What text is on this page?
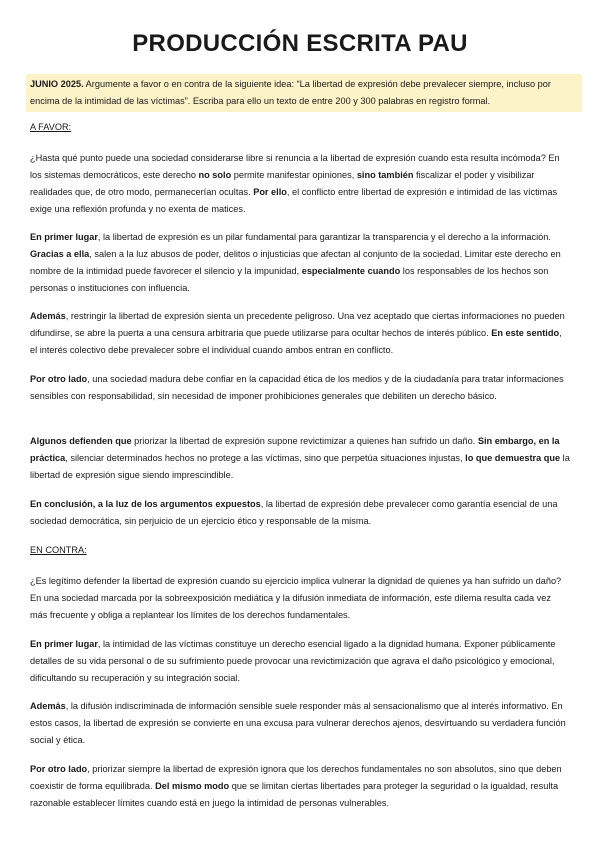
PRODUCCIÓN ESCRITA PAU
JUNIO 2025. Argumente a favor o en contra de la siguiente idea: “La libertad de expresión debe prevalecer siempre, incluso por encima de la intimidad de las víctimas”. Escriba para ello un texto de entre 200 y 300 palabras en registro formal.
A FAVOR:

¿Hasta qué punto puede una sociedad considerarse libre si renuncia a la libertad de expresión cuando esta resulta incómoda? En los sistemas democráticos, este derecho no solo permite manifestar opiniones, sino también fiscalizar el poder y visibilizar realidades que, de otro modo, permanecerían ocultas. Por ello, el conflicto entre libertad de expresión e intimidad de las víctimas exige una reflexión profunda y no exenta de matices.

En primer lugar, la libertad de expresión es un pilar fundamental para garantizar la transparencia y el derecho a la información. Gracias a ella, salen a la luz abusos de poder, delitos o injusticias que afectan al conjunto de la sociedad. Limitar este derecho en nombre de la intimidad puede favorecer el silencio y la impunidad, especialmente cuando los responsables de los hechos son personas o instituciones con influencia.

Además, restringir la libertad de expresión sienta un precedente peligroso. Una vez aceptado que ciertas informaciones no pueden difundirse, se abre la puerta a una censura arbitraria que puede utilizarse para ocultar hechos de interés público. En este sentido, el interés colectivo debe prevalecer sobre el individual cuando ambos entran en conflicto.

Por otro lado, una sociedad madura debe confiar en la capacidad ética de los medios y de la ciudadanía para tratar informaciones sensibles con responsabilidad, sin necesidad de imponer prohibiciones generales que debiliten un derecho básico.

Algunos defienden que priorizar la libertad de expresión supone revictimizar a quienes han sufrido un daño. Sin embargo, en la práctica, silenciar determinados hechos no protege a las víctimas, sino que perpetúa situaciones injustas, lo que demuestra que la libertad de expresión sigue siendo imprescindible.

En conclusión, a la luz de los argumentos expuestos, la libertad de expresión debe prevalecer como garantía esencial de una sociedad democrática, sin perjuicio de un ejercicio ético y responsable de la misma.

EN CONTRA:

¿Es legítimo defender la libertad de expresión cuando su ejercicio implica vulnerar la dignidad de quienes ya han sufrido un daño? En una sociedad marcada por la sobreexposición mediática y la difusión inmediata de información, este dilema resulta cada vez más frecuente y obliga a replantear los límites de los derechos fundamentales.

En primer lugar, la intimidad de las víctimas constituye un derecho esencial ligado a la dignidad humana. Exponer públicamente detalles de su vida personal o de su sufrimiento puede provocar una revictimización que agrava el daño psicológico y emocional, dificultando su recuperación y su integración social.

Además, la difusión indiscriminada de información sensible suele responder más al sensacionalismo que al interés informativo. En estos casos, la libertad de expresión se convierte en una excusa para vulnerar derechos ajenos, desvirtuando su verdadera función social y ética.

Por otro lado, priorizar siempre la libertad de expresión ignora que los derechos fundamentales no son absolutos, sino que deben coexistir de forma equilibrada. Del mismo modo que se limitan ciertas libertades para proteger la seguridad o la igualdad, resulta razonable establecer límites cuando está en juego la intimidad de personas vulnerables.
